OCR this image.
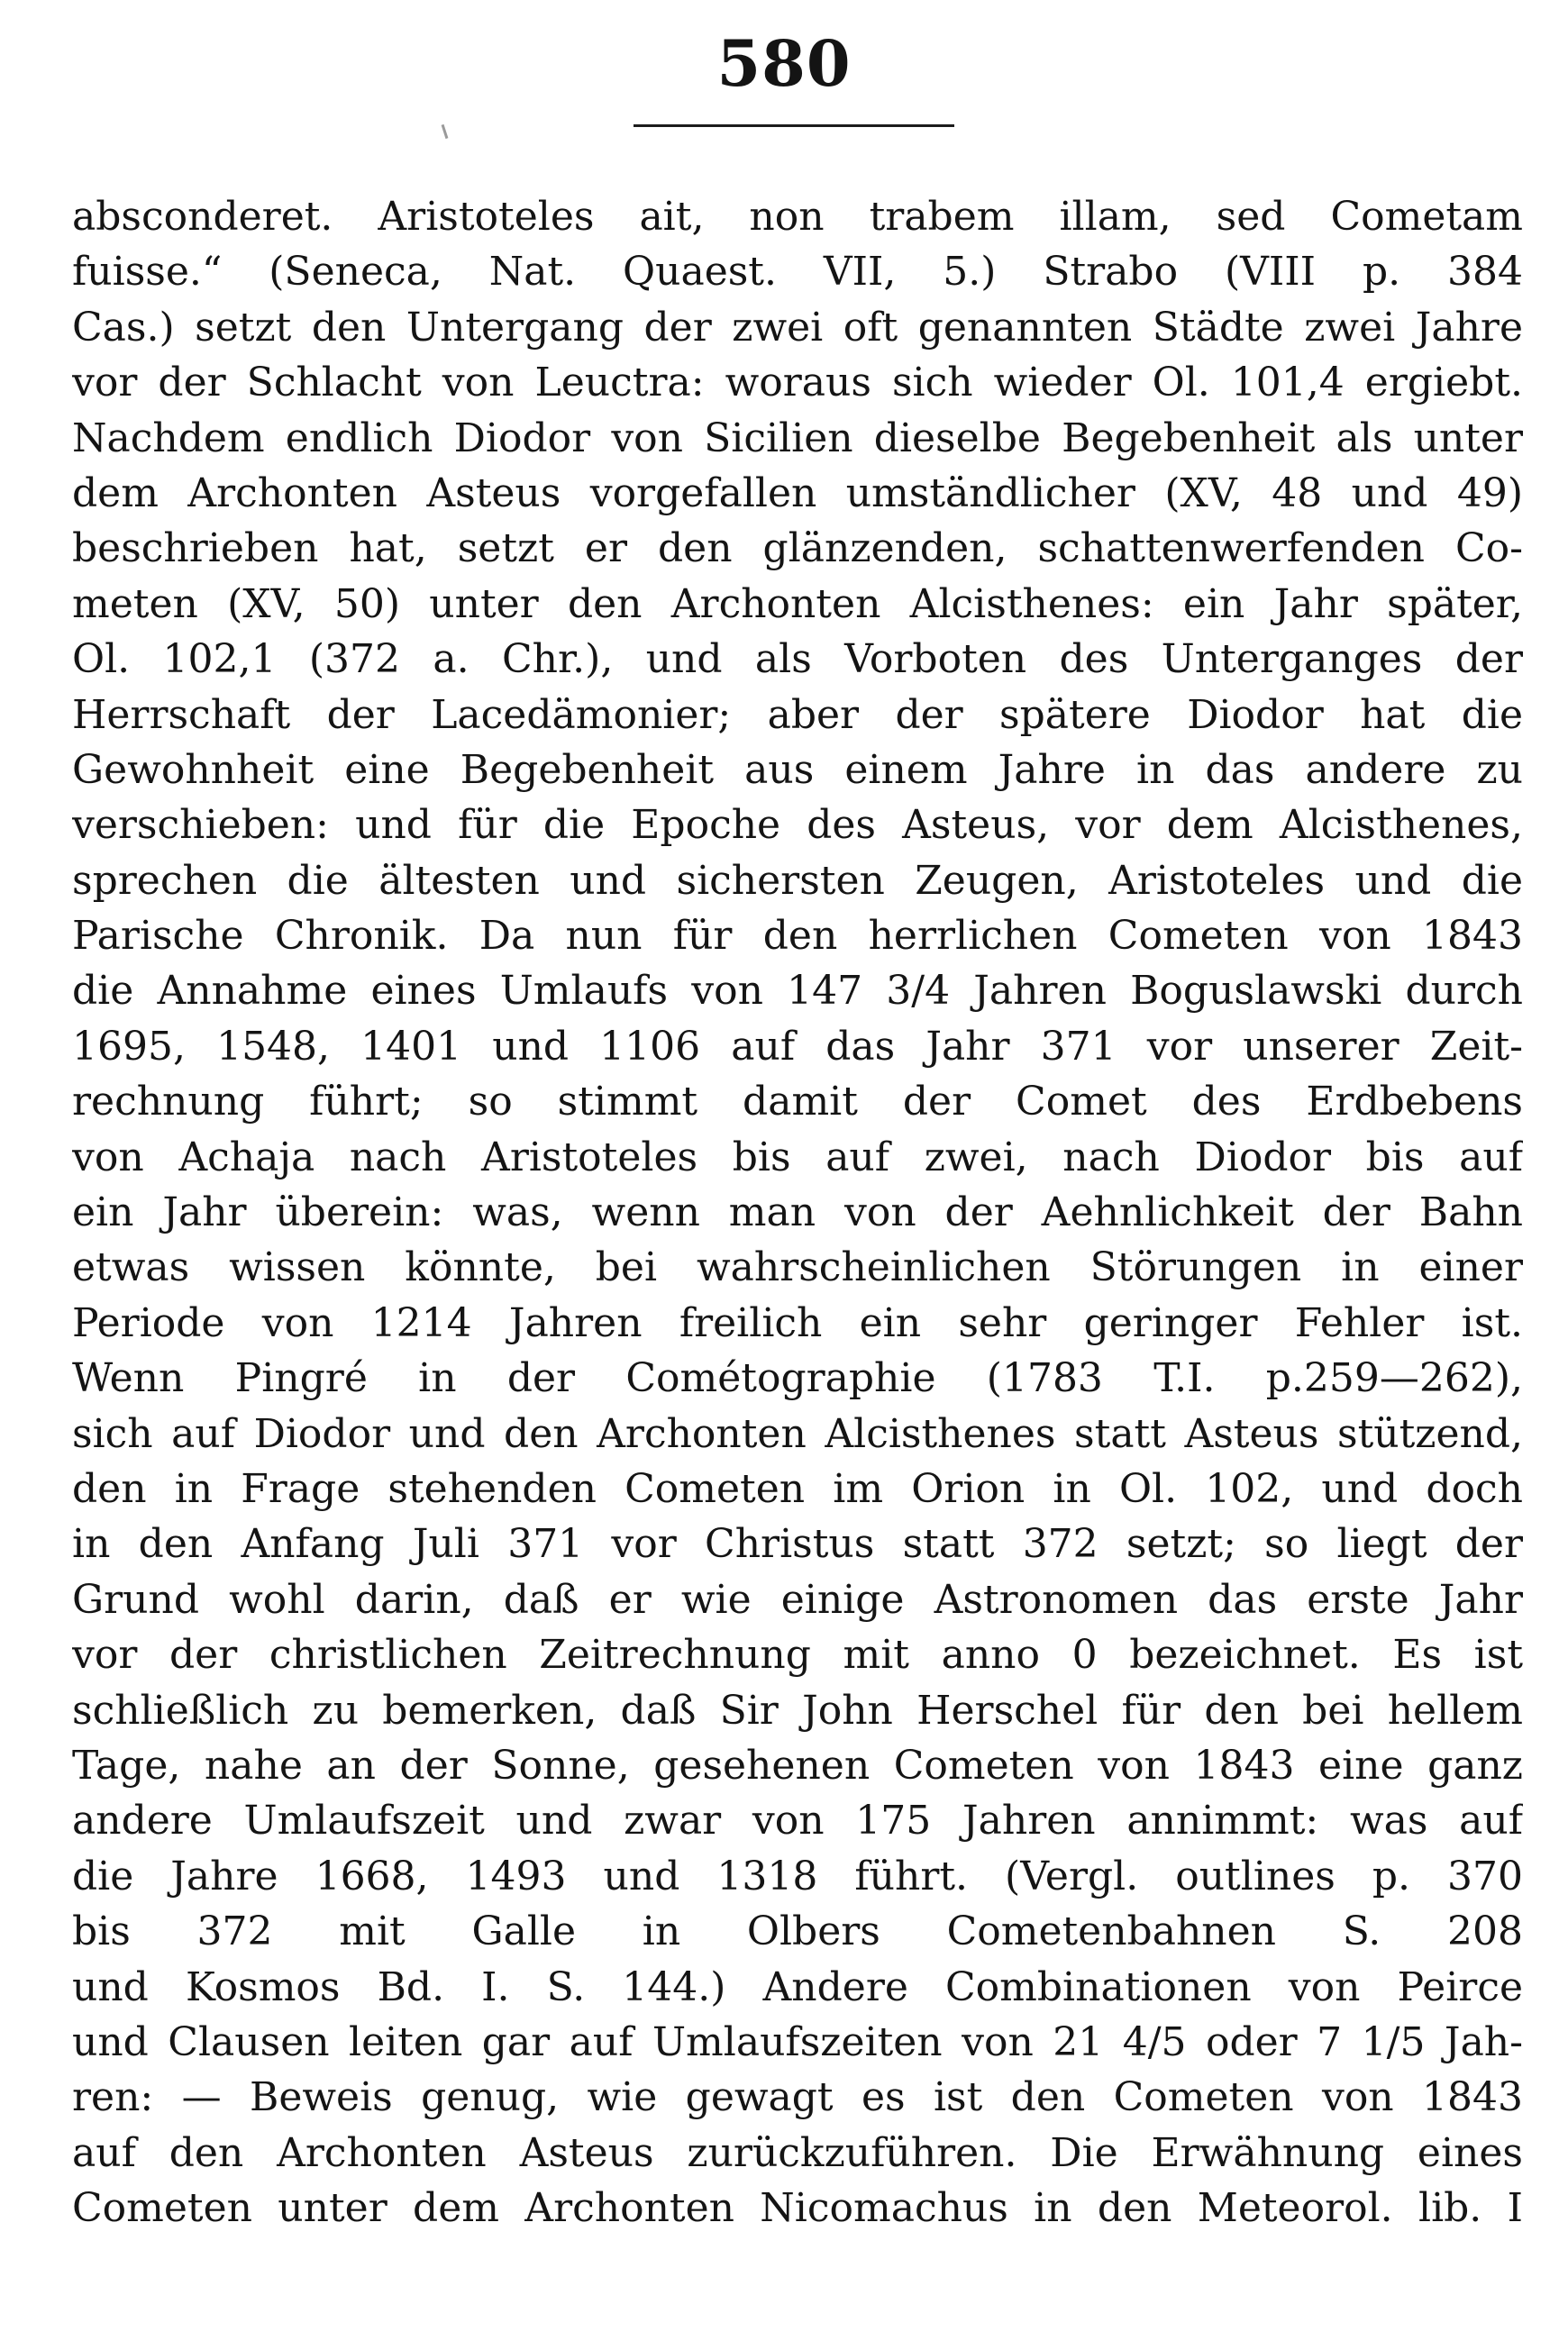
580
absconderet. Aristoteles ait, non trabem illam, sed Cometam
fuisse.“ (Seneca, Nat. Quaest. VII, 5.) Strabo (VIII p. 384
Cas.) setzt den Untergang der zwei oft genannten Städte zwei Jahre
vor der Schlacht von Leuctra: woraus sich wieder Ol. 101,4 ergiebt.
Nachdem endlich Diodor von Sicilien dieselbe Begebenheit als unter
dem Archonten Asteus vorgefallen umständlicher (XV, 48 und 49)
beschrieben hat, setzt er den glänzenden, schattenwerfenden Co-
meten (XV, 50) unter den Archonten Alcisthenes: ein Jahr später,
Ol. 102,1 (372 a. Chr.), und als Vorboten des Unterganges der
Herrschaft der Lacedämonier; aber der spätere Diodor hat die
Gewohnheit eine Begebenheit aus einem Jahre in das andere zu
verschieben: und für die Epoche des Asteus, vor dem Alcisthenes,
sprechen die ältesten und sichersten Zeugen, Aristoteles und die
Parische Chronik. Da nun für den herrlichen Cometen von 1843
die Annahme eines Umlaufs von 147 3/4 Jahren Boguslawski durch
1695, 1548, 1401 und 1106 auf das Jahr 371 vor unserer Zeit-
rechnung führt; so stimmt damit der Comet des Erdbebens
von Achaja nach Aristoteles bis auf zwei, nach Diodor bis auf
ein Jahr überein: was, wenn man von der Aehnlichkeit der Bahn
etwas wissen könnte, bei wahrscheinlichen Störungen in einer
Periode von 1214 Jahren freilich ein sehr geringer Fehler ist.
Wenn Pingré in der Cométographie (1783 T.I. p.259—262),
sich auf Diodor und den Archonten Alcisthenes statt Asteus stützend,
den in Frage stehenden Cometen im Orion in Ol. 102, und doch
in den Anfang Juli 371 vor Christus statt 372 setzt; so liegt der
Grund wohl darin, daß er wie einige Astronomen das erste Jahr
vor der christlichen Zeitrechnung mit anno 0 bezeichnet. Es ist
schließlich zu bemerken, daß Sir John Herschel für den bei hellem
Tage, nahe an der Sonne, gesehenen Cometen von 1843 eine ganz
andere Umlaufszeit und zwar von 175 Jahren annimmt: was auf
die Jahre 1668, 1493 und 1318 führt. (Vergl. outlines p. 370
bis 372 mit Galle in Olbers Cometenbahnen S. 208
und Kosmos Bd. I. S. 144.) Andere Combinationen von Peirce
und Clausen leiten gar auf Umlaufszeiten von 21 4/5 oder 7 1/5 Jah-
ren: — Beweis genug, wie gewagt es ist den Cometen von 1843
auf den Archonten Asteus zurückzuführen. Die Erwähnung eines
Cometen unter dem Archonten Nicomachus in den Meteorol. lib. I
